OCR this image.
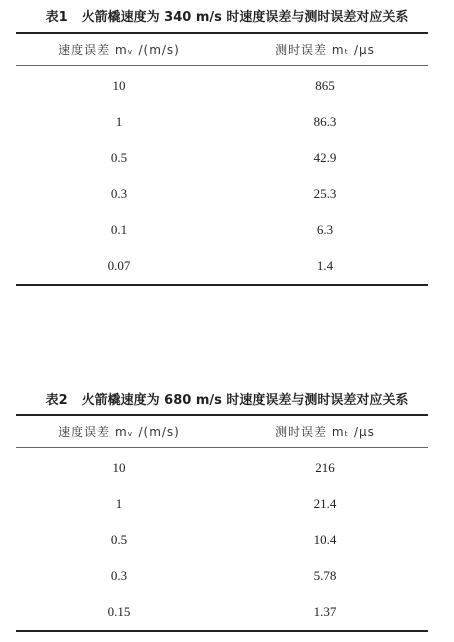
表1 火箭橇速度为 340 m/s 时速度误差与测时误差对应关系
速度误差 mᵥ /(m/s)	测时误差 mₜ /μs
10	865
1	86.3
0.5	42.9
0.3	25.3
0.1	6.3
0.07	1.4
表2 火箭橇速度为 680 m/s 时速度误差与测时误差对应关系
速度误差 mᵥ /(m/s)	测时误差 mₜ /μs
10	216
1	21.4
0.5	10.4
0.3	5.78
0.15	1.37
